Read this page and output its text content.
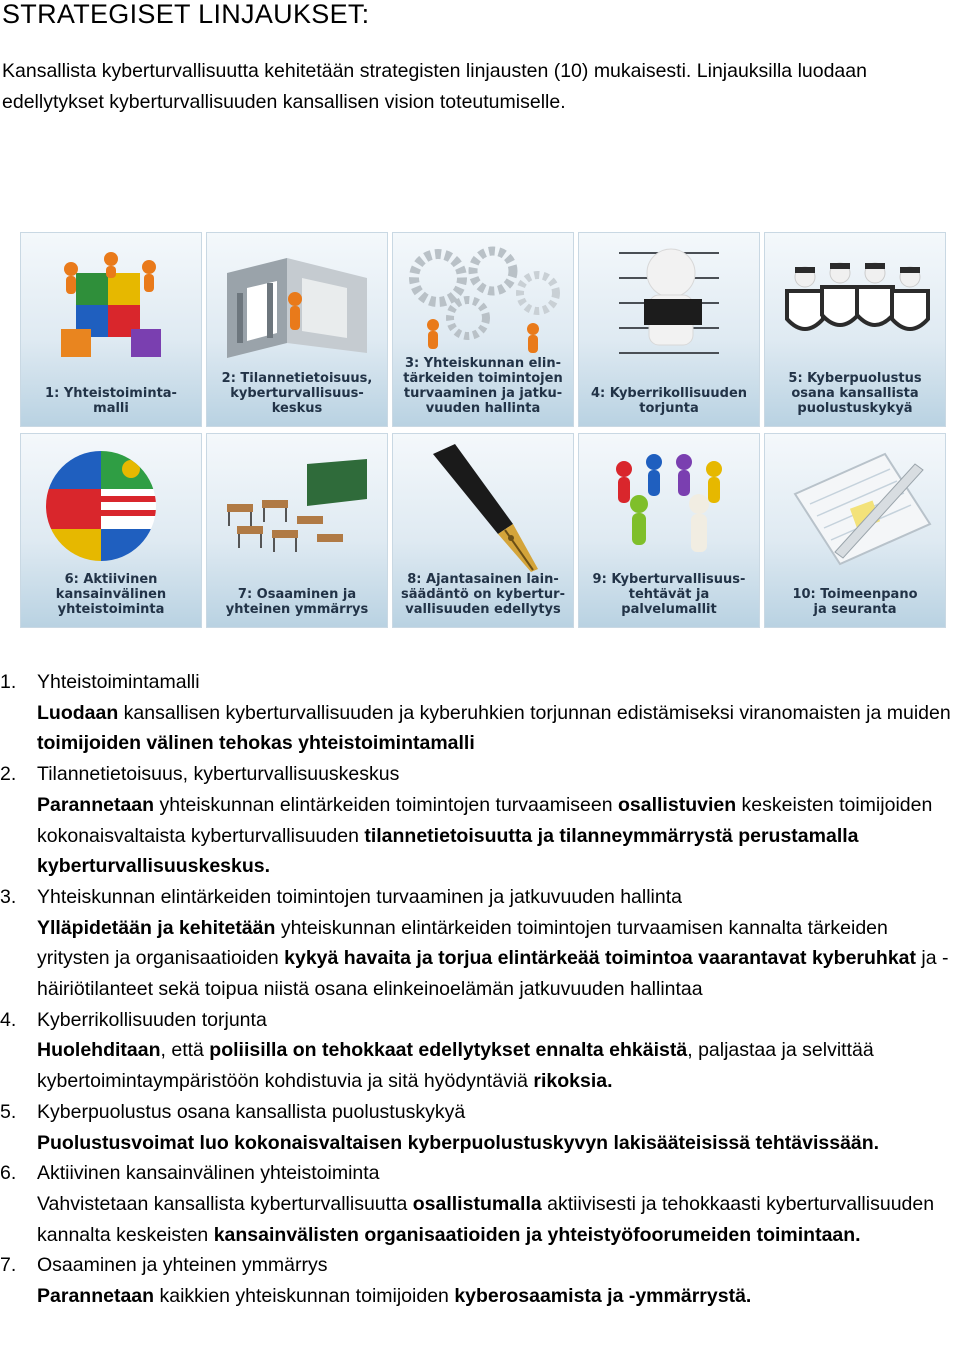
STRATEGISET LINJAUKSET:

Kansallista kyberturvallisuutta kehitetään strategisten linjausten (10) mukaisesti. Linjauksilla luodaan edellytykset kyberturvallisuuden kansallisen vision toteutumiselle.

1: Yhteistoiminta-
malli
2: Tilannetietoisuus,
kyberturvallisuus-
keskus
3: Yhteiskunnan elin-
tärkeiden toimintojen
turvaaminen ja jatku-
vuuden hallinta
4: Kyberrikollisuuden
torjunta
5: Kyberpuolustus
osana kansallista
puolustuskykyä
6: Aktiivinen
kansainvälinen
yhteistoiminta
7: Osaaminen ja
yhteinen ymmärrys
8: Ajantasainen lain-
säädäntö on kybertur-
vallisuuden edellytys
9: Kyberturvallisuus-
tehtävät ja
palvelumallit
10: Toimeenpano
ja seuranta
1. Yhteistoimintamalli
Luodaan kansallisen kyberturvallisuuden ja kyberuhkien torjunnan edistämiseksi viranomaisten ja muiden toimijoiden välinen tehokas yhteistoimintamalli
2. Tilannetietoisuus, kyberturvallisuuskeskus
Parannetaan yhteiskunnan elintärkeiden toimintojen turvaamiseen osallistuvien keskeisten toimijoiden kokonaisvaltaista kyberturvallisuuden tilannetietoisuutta ja tilanneymmärrystä perustamalla kyberturvallisuuskeskus.
3. Yhteiskunnan elintärkeiden toimintojen turvaaminen ja jatkuvuuden hallinta
Ylläpidetään ja kehitetään yhteiskunnan elintärkeiden toimintojen turvaamisen kannalta tärkeiden yritysten ja organisaatioiden kykyä havaita ja torjua elintärkeää toimintoa vaarantavat kyberuhkat ja -häiriötilanteet sekä toipua niistä osana elinkeinoelämän jatkuvuuden hallintaa
4. Kyberrikollisuuden torjunta
Huolehditaan, että poliisilla on tehokkaat edellytykset ennalta ehkäistä, paljastaa ja selvittää kybertoimintaympäristöön kohdistuvia ja sitä hyödyntäviä rikoksia.
5. Kyberpuolustus osana kansallista puolustuskykyä
Puolustusvoimat luo kokonaisvaltaisen kyberpuolustuskyvyn lakisääteisissä tehtävissään.
6. Aktiivinen kansainvälinen yhteistoiminta
Vahvistetaan kansallista kyberturvallisuutta osallistumalla aktiivisesti ja tehokkaasti kyberturvallisuuden kannalta keskeisten kansainvälisten organisaatioiden ja yhteistyöfoorumeiden toimintaan.
7. Osaaminen ja yhteinen ymmärrys
Parannetaan kaikkien yhteiskunnan toimijoiden kyberosaamista ja -ymmärrystä.
